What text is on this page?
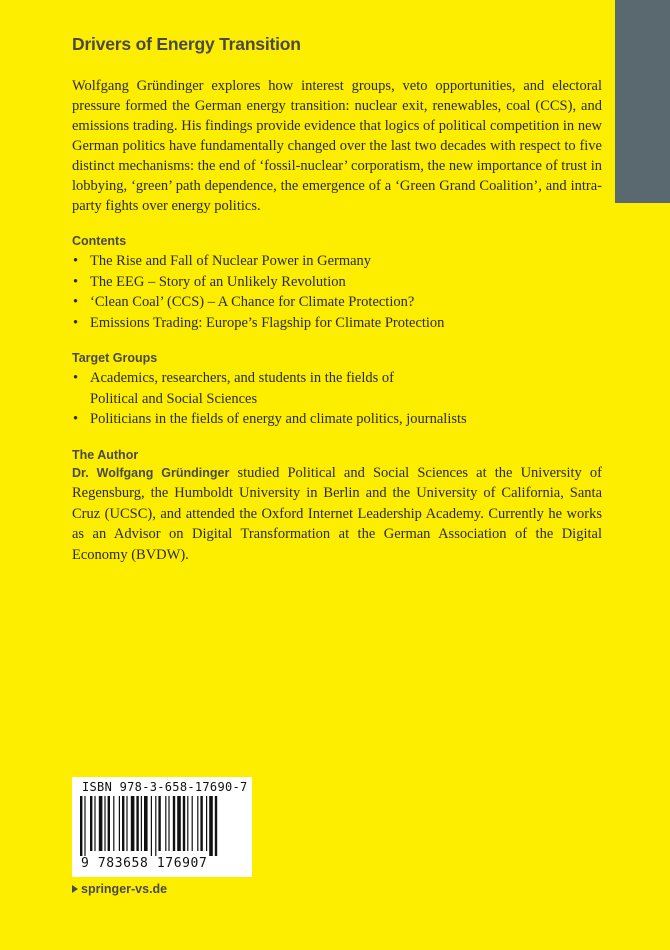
Drivers of Energy Transition

Wolfgang Gründinger explores how interest groups, veto opportunities, and electoral pressure formed the German energy transition: nuclear exit, renewables, coal (CCS), and emissions trading. His findings provide evidence that logics of political competition in new German politics have fundamentally changed over the last two decades with respect to five distinct mechanisms: the end of ‘fossil-nuclear’ corporatism, the new importance of trust in lobbying, ‘green’ path dependence, the emergence of a ‘Green Grand Coalition’, and intra-party fights over energy politics.

Contents
• The Rise and Fall of Nuclear Power in Germany
• The EEG – Story of an Unlikely Revolution
• ‘Clean Coal’ (CCS) – A Chance for Climate Protection?
• Emissions Trading: Europe’s Flagship for Climate Protection
Target Groups
• Academics, researchers, and students in the fields of Political and Social Sciences
• Politicians in the fields of energy and climate politics, journalists
The Author

Dr. Wolfgang Gründinger studied Political and Social Sciences at the University of Regensburg, the Humboldt University in Berlin and the University of California, Santa Cruz (UCSC), and attended the Oxford Internet Leadership Academy. Currently he works as an Advisor on Digital Transformation at the German Association of the Digital Economy (BVDW).

ISBN 978-3-658-17690-7
9 783658 176907
springer-vs.de
